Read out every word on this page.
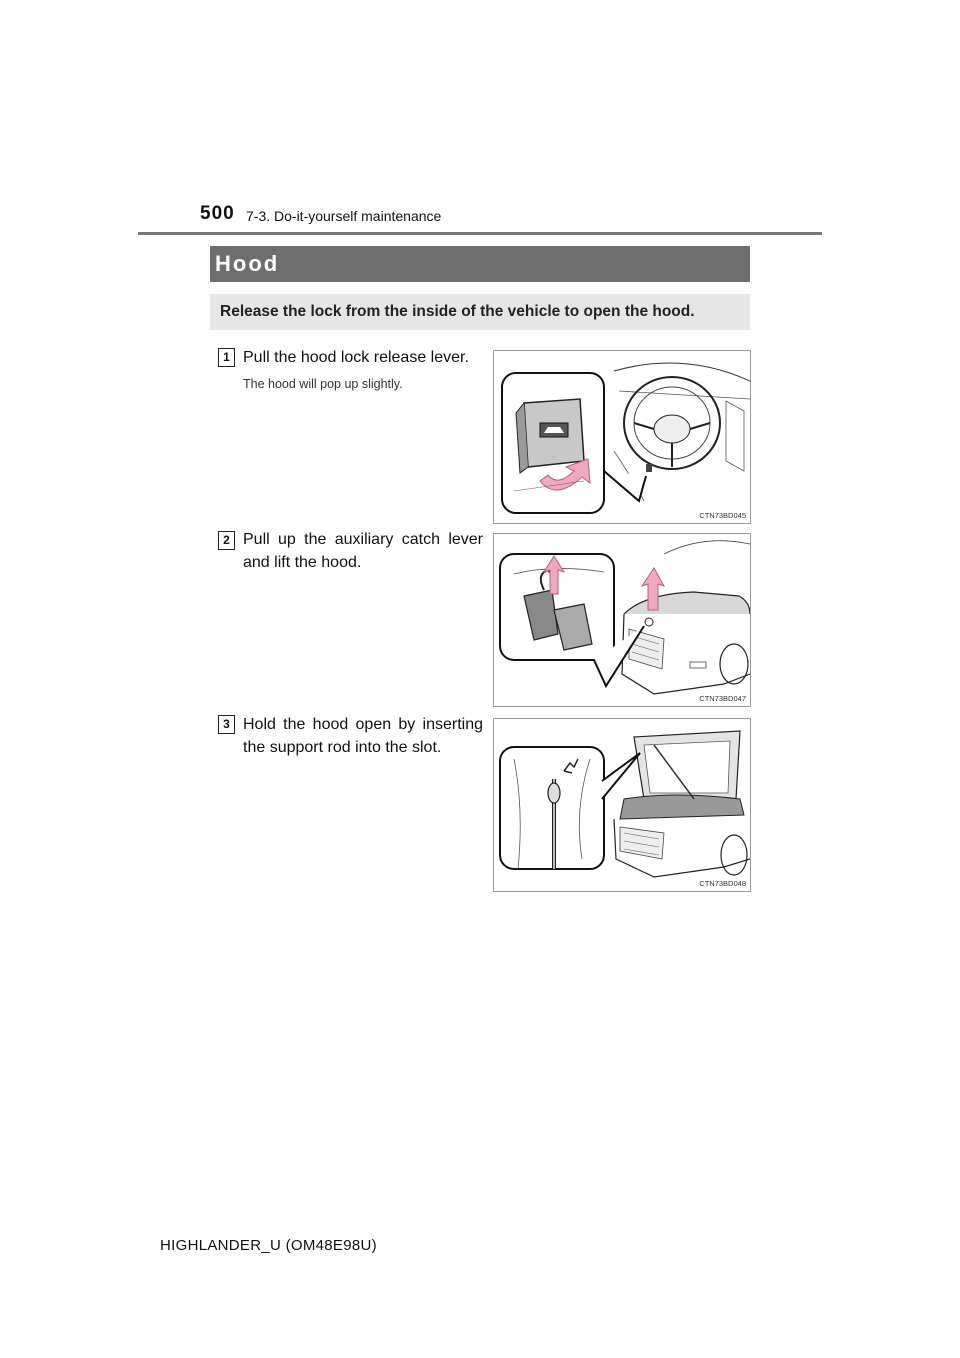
500 7-3. Do-it-yourself maintenance
Hood
Release the lock from the inside of the vehicle to open the hood.
1 Pull the hood lock release lever.
The hood will pop up slightly.
CTN73BD045
2 Pull up the auxiliary catch lever and lift the hood.
CTN73BD047
3 Hold the hood open by inserting the support rod into the slot.
CTN73BD048
HIGHLANDER_U (OM48E98U)
